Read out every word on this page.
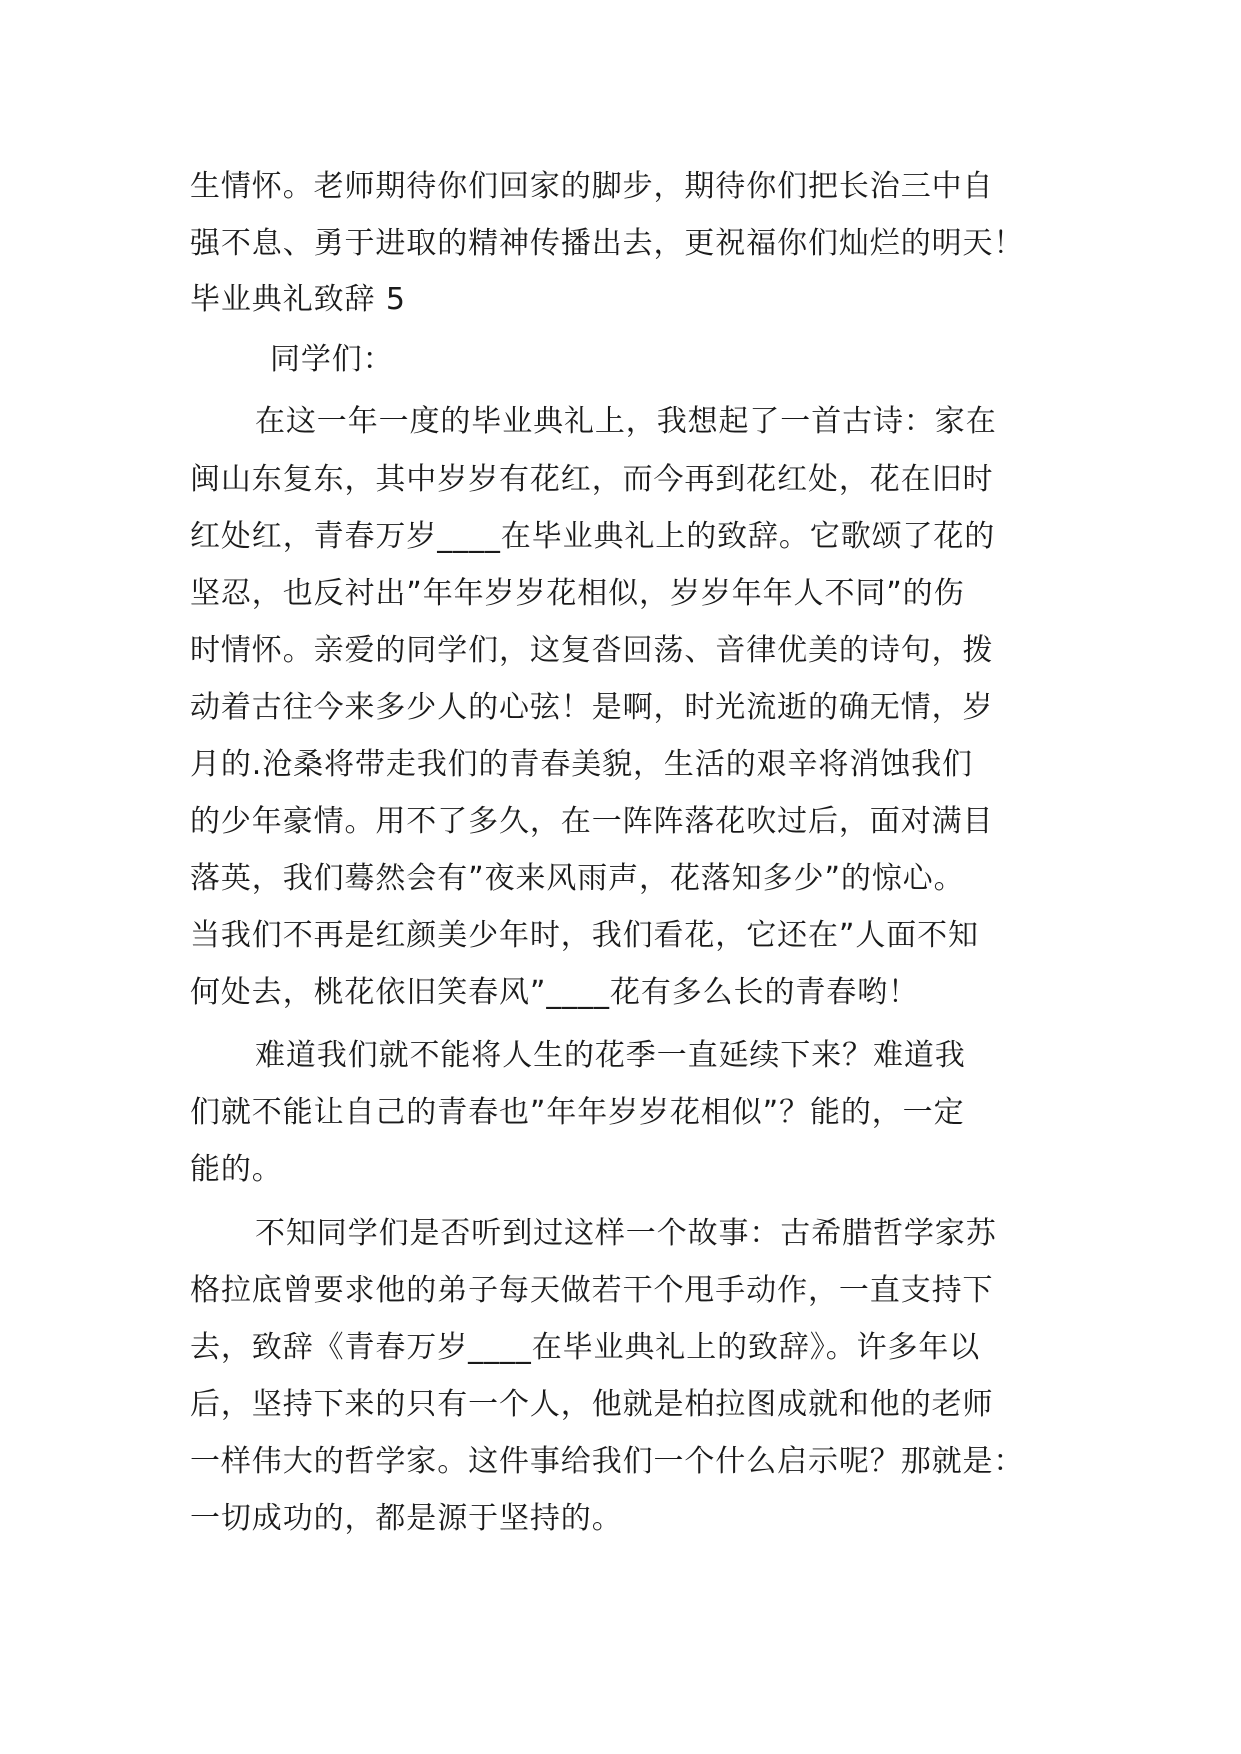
生情怀。老师期待你们回家的脚步，期待你们把长治三中自
强不息、勇于进取的精神传播出去，更祝福你们灿烂的明天！
毕业典礼致辞 5
同学们：
在这一年一度的毕业典礼上，我想起了一首古诗：家在
闽山东复东，其中岁岁有花红，而今再到花红处，花在旧时
红处红，青春万岁____在毕业典礼上的致辞。它歌颂了花的
坚忍，也反衬出”年年岁岁花相似，岁岁年年人不同”的伤
时情怀。亲爱的同学们，这复沓回荡、音律优美的诗句，拨
动着古往今来多少人的心弦！是啊，时光流逝的确无情，岁
月的.沧桑将带走我们的青春美貌，生活的艰辛将消蚀我们
的少年豪情。用不了多久，在一阵阵落花吹过后，面对满目
落英，我们蓦然会有”夜来风雨声，花落知多少”的惊心。
当我们不再是红颜美少年时，我们看花，它还在”人面不知
何处去，桃花依旧笑春风”____花有多么长的青春哟！
难道我们就不能将人生的花季一直延续下来？难道我
们就不能让自己的青春也”年年岁岁花相似”？能的，一定
能的。
不知同学们是否听到过这样一个故事：古希腊哲学家苏
格拉底曾要求他的弟子每天做若干个甩手动作，一直支持下
去，致辞《青春万岁____在毕业典礼上的致辞》。许多年以
后，坚持下来的只有一个人，他就是柏拉图成就和他的老师
一样伟大的哲学家。这件事给我们一个什么启示呢？那就是：
一切成功的，都是源于坚持的。
